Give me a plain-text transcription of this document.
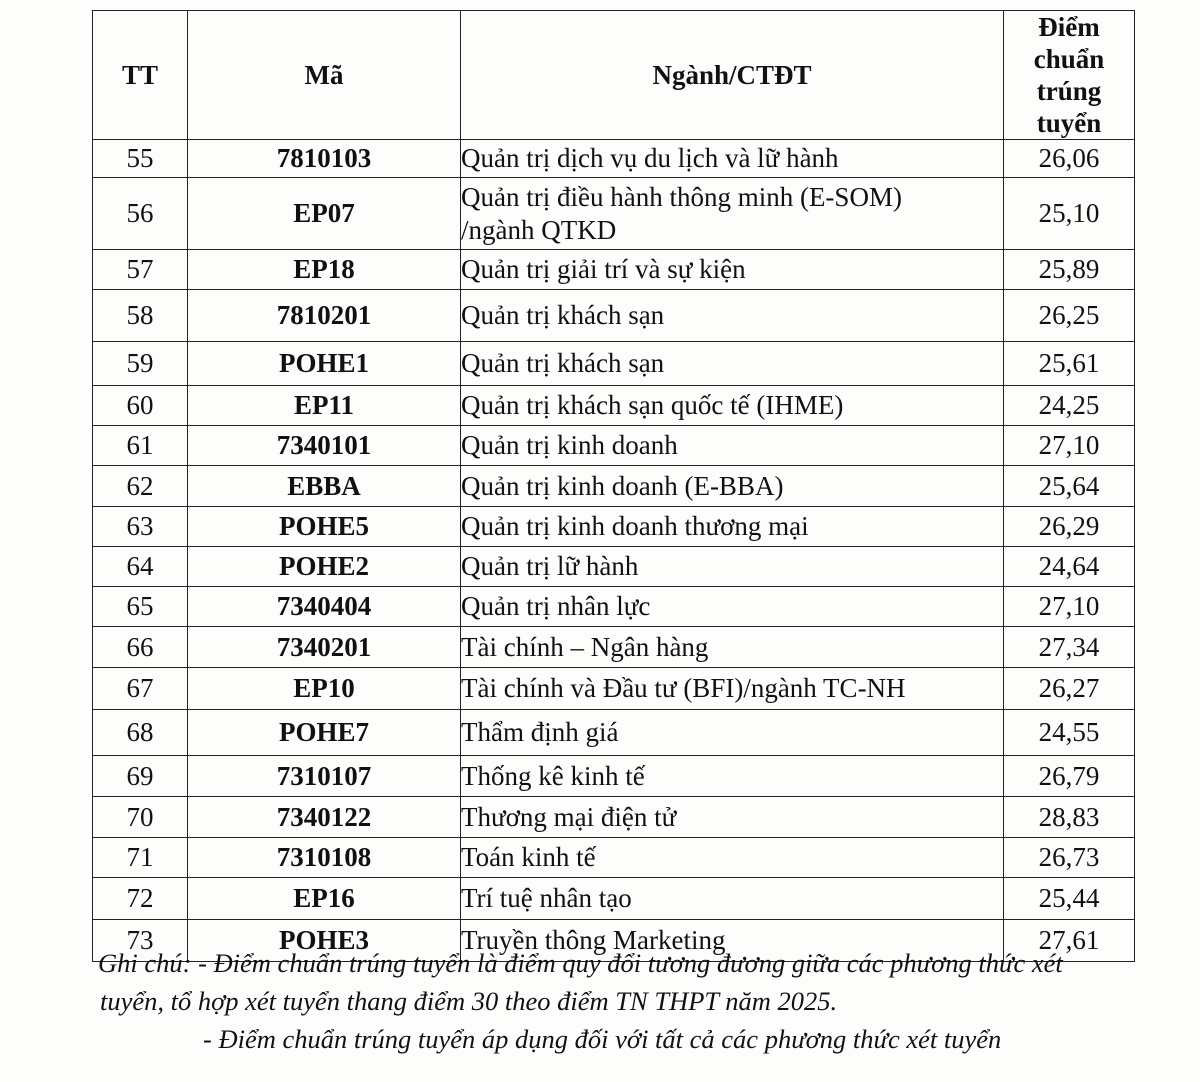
TT	Mã	Ngành/CTĐT	Điểm chuẩn
trúng tuyển
55	7810103	Quản trị dịch vụ du lịch và lữ hành	26,06
56	EP07	Quản trị điều hành thông minh (E-SOM)
/ngành QTKD	25,10
57	EP18	Quản trị giải trí và sự kiện	25,89
58	7810201	Quản trị khách sạn	26,25
59	POHE1	Quản trị khách sạn	25,61
60	EP11	Quản trị khách sạn quốc tế (IHME)	24,25
61	7340101	Quản trị kinh doanh	27,10
62	EBBA	Quản trị kinh doanh (E-BBA)	25,64
63	POHE5	Quản trị kinh doanh thương mại	26,29
64	POHE2	Quản trị lữ hành	24,64
65	7340404	Quản trị nhân lực	27,10
66	7340201	Tài chính – Ngân hàng	27,34
67	EP10	Tài chính và Đầu tư (BFI)/ngành TC-NH	26,27
68	POHE7	Thẩm định giá	24,55
69	7310107	Thống kê kinh tế	26,79
70	7340122	Thương mại điện tử	28,83
71	7310108	Toán kinh tế	26,73
72	EP16	Trí tuệ nhân tạo	25,44
73	POHE3	Truyền thông Marketing	27,61
Ghi chú: - Điểm chuẩn trúng tuyển là điểm quy đổi tương đương giữa các phương thức xét
tuyển, tổ hợp xét tuyển thang điểm 30 theo điểm TN THPT năm 2025.
- Điểm chuẩn trúng tuyển áp dụng đối với tất cả các phương thức xét tuyển
